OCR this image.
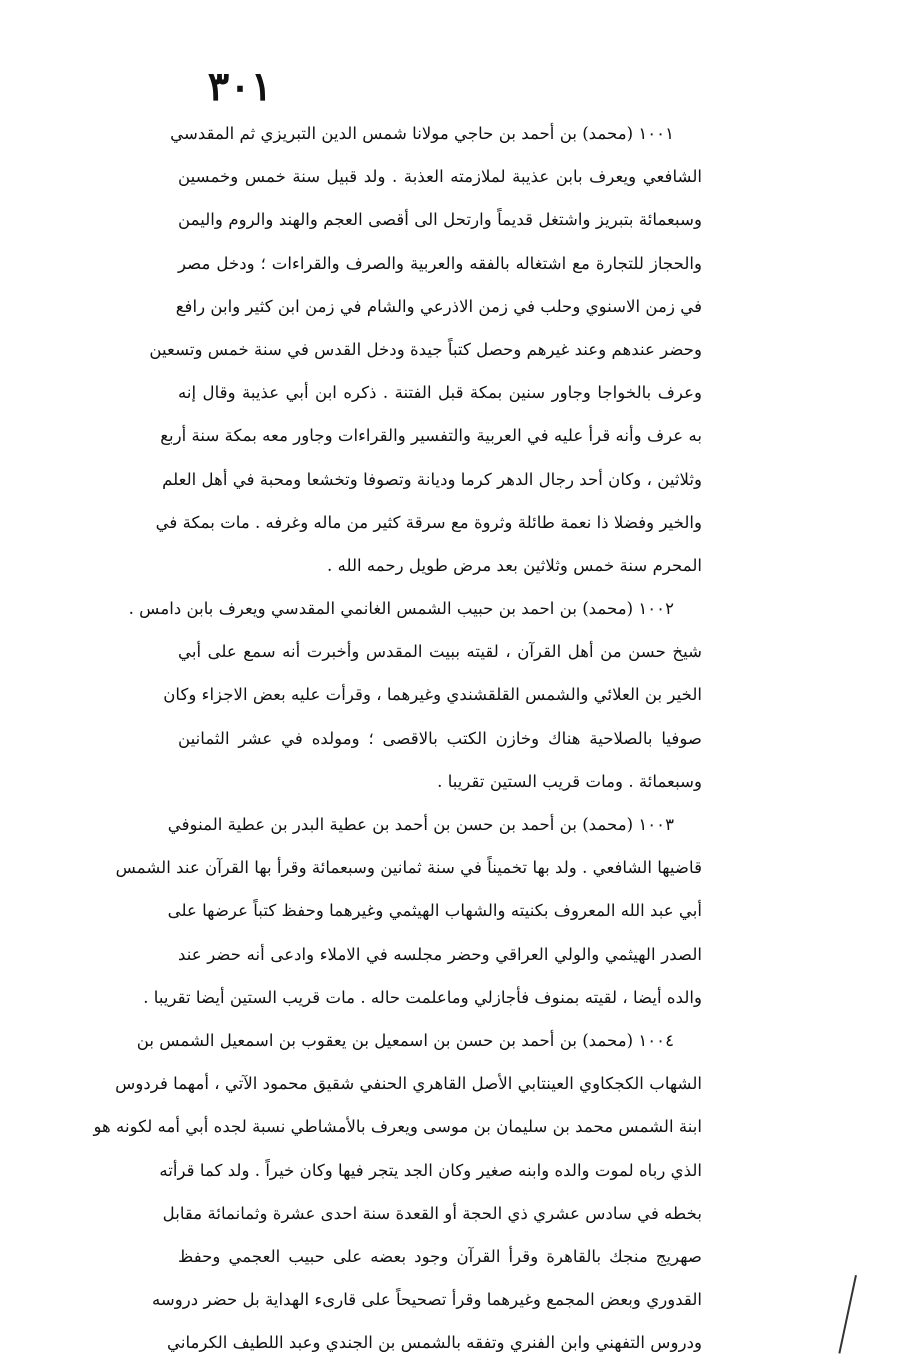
٣٠١
١٠٠١ (محمد) بن أحمد بن حاجي مولانا شمس الدين التبريزي ثم المقدسي
الشافعي ويعرف بابن عذيبة لملازمته العذبة . ولد قبيل سنة خمس وخمسين
وسبعمائة بتبريز واشتغل قديماً وارتحل الى أقصى العجم والهند والروم واليمن
والحجاز للتجارة مع اشتغاله بالفقه والعربية والصرف والقراءات ؛ ودخل مصر
في زمن الاسنوي وحلب في زمن الاذرعي والشام في زمن ابن كثير وابن رافع
وحضر عندهم وعند غيرهم وحصل كتباً جيدة ودخل القدس في سنة خمس وتسعين
وعرف بالخواجا وجاور سنين بمكة قبل الفتنة . ذكره ابن أبي عذيبة وقال إنه
به عرف وأنه قرأ عليه في العربية والتفسير والقراءات وجاور معه بمكة سنة أربع
وثلاثين ، وكان أحد رجال الدهر كرما وديانة وتصوفا وتخشعا ومحبة في أهل العلم
والخير وفضلا ذا نعمة طائلة وثروة مع سرقة كثير من ماله وغرفه . مات بمكة في
المحرم سنة خمس وثلاثين بعد مرض طويل رحمه الله .
١٠٠٢ (محمد) بن احمد بن حبيب الشمس الغانمي المقدسي ويعرف بابن دامس .
شيخ حسن من أهل القرآن ، لقيته ببيت المقدس وأخبرت أنه سمع على أبي
الخير بن العلائي والشمس القلقشندي وغيرهما ، وقرأت عليه بعض الاجزاء وكان
صوفيا بالصلاحية هناك وخازن الكتب بالاقصى ؛ ومولده في عشر الثمانين
وسبعمائة . ومات قريب الستين تقريبا .
١٠٠٣ (محمد) بن أحمد بن حسن بن أحمد بن عطية البدر بن عطية المنوفي
قاضيها الشافعي . ولد بها تخميناً في سنة ثمانين وسبعمائة وقرأ بها القرآن عند الشمس
أبي عبد الله المعروف بكنيته والشهاب الهيثمي وغيرهما وحفظ كتباً عرضها على
الصدر الهيثمي والولي العراقي وحضر مجلسه في الاملاء وادعى أنه حضر عند
والده أيضا ، لقيته بمنوف فأجازلي وماعلمت حاله . مات قريب الستين أيضا تقريبا .
١٠٠٤ (محمد) بن أحمد بن حسن بن اسمعيل بن يعقوب بن اسمعيل الشمس بن
الشهاب الكجكاوي العينتابي الأصل القاهري الحنفي شقيق محمود الآتي ، أمهما فردوس
ابنة الشمس محمد بن سليمان بن موسى ويعرف بالأمشاطي نسبة لجده أبي أمه لكونه هو
الذي رباه لموت والده وابنه صغير وكان الجد يتجر فيها وكان خيراً . ولد كما قرأته
بخطه في سادس عشري ذي الحجة أو القعدة سنة احدى عشرة وثمانمائة مقابل
صهريج منجك بالقاهرة وقرأ القرآن وجود بعضه على حبيب العجمي وحفظ
القدوري وبعض المجمع وغيرهما وقرأ تصحيحاً على قارىء الهداية بل حضر دروسه
ودروس التفهني وابن الفنري وتفقه بالشمس بن الجندي وعبد اللطيف الكرماني
